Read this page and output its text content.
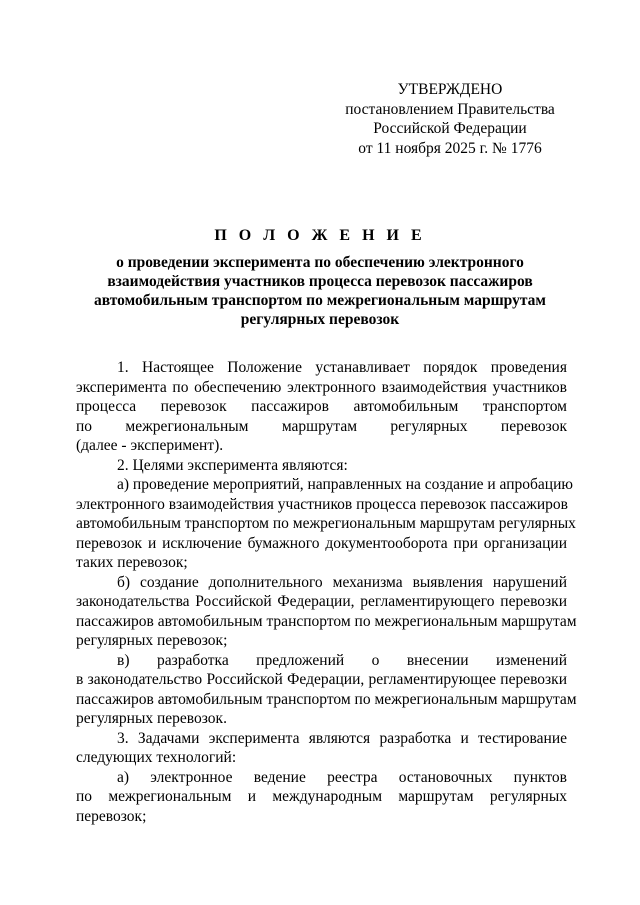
УТВЕРЖДЕНО
постановлением Правительства
Российской Федерации
от 11 ноября 2025 г. № 1776
П О Л О Ж Е Н И Е
о проведении эксперимента по обеспечению электронного
взаимодействия участников процесса перевозок пассажиров
автомобильным транспортом по межрегиональным маршрутам
регулярных перевозок
1. Настоящее Положение устанавливает порядок проведения
эксперимента по обеспечению электронного взаимодействия участников
процесса перевозок пассажиров автомобильным транспортом
по межрегиональным маршрутам регулярных перевозок
(далее - эксперимент).
2. Целями эксперимента являются:
а) проведение мероприятий, направленных на создание и апробацию
электронного взаимодействия участников процесса перевозок пассажиров
автомобильным транспортом по межрегиональным маршрутам регулярных
перевозок и исключение бумажного документооборота при организации
таких перевозок;
б) создание дополнительного механизма выявления нарушений
законодательства Российской Федерации, регламентирующего перевозки
пассажиров автомобильным транспортом по межрегиональным маршрутам
регулярных перевозок;
в) разработка предложений о внесении изменений
в законодательство Российской Федерации, регламентирующее перевозки
пассажиров автомобильным транспортом по межрегиональным маршрутам
регулярных перевозок.
3. Задачами эксперимента являются разработка и тестирование
следующих технологий:
а) электронное ведение реестра остановочных пунктов
по межрегиональным и международным маршрутам регулярных
перевозок;
